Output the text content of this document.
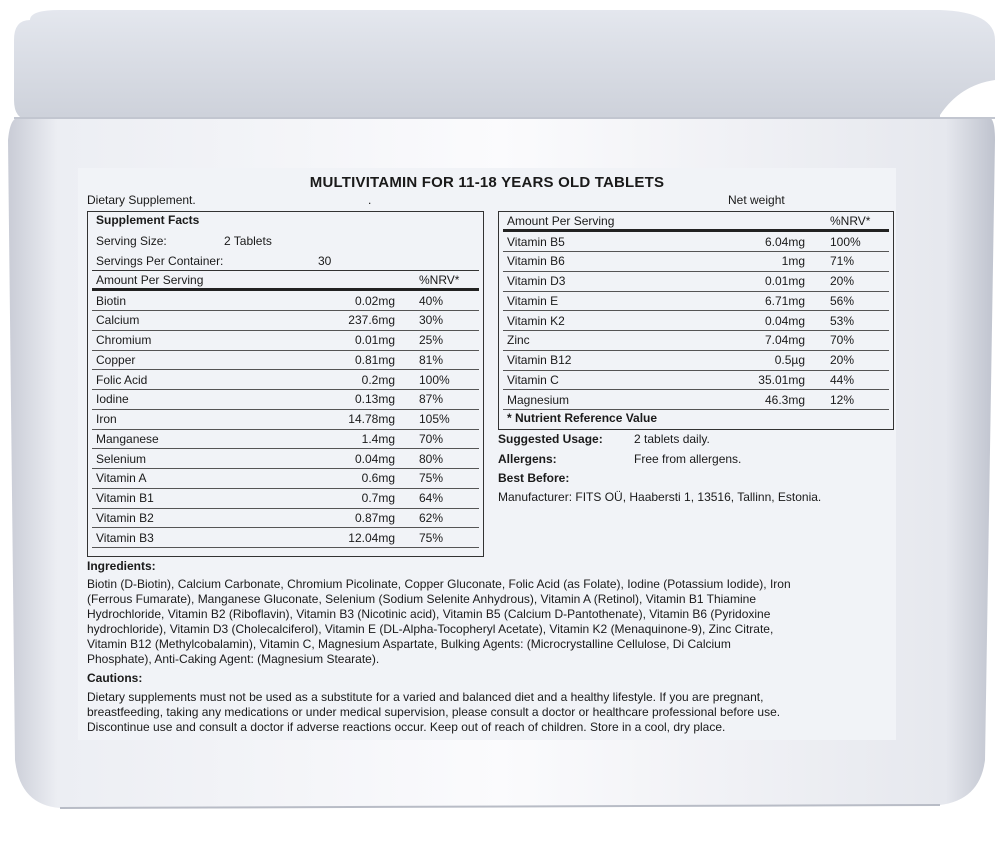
MULTIVITAMIN FOR 11-18 YEARS OLD TABLETS
Dietary Supplement.	.	Net weight
Supplement Facts
Serving Size:	2 Tablets
Servings Per Container:	30
Amount Per Serving	%NRV*
Biotin	0.02mg 40%
Calcium	237.6mg 30%
Chromium	0.01mg 25%
Copper	0.81mg 81%
Folic Acid	0.2mg 100%
Iodine	0.13mg 87%
Iron	14.78mg 105%
Manganese	1.4mg 70%
Selenium	0.04mg 80%
Vitamin A	0.6mg 75%
Vitamin B1	0.7mg 64%
Vitamin B2	0.87mg 62%
Vitamin B3	12.04mg 75%
Amount Per Serving	%NRV*
Vitamin B5	6.04mg 100%
Vitamin B6	1mg 71%
Vitamin D3	0.01mg 20%
Vitamin E	6.71mg 56%
Vitamin K2	0.04mg 53%
Zinc	7.04mg 70%
Vitamin B12	0.5µg 20%
Vitamin C	35.01mg 44%
Magnesium	46.3mg 12%
* Nutrient Reference Value
Suggested Usage:	2 tablets daily.
Allergens:	Free from allergens.
Best Before:
Manufacturer: FITS OÜ, Haabersti 1, 13516, Tallinn, Estonia.
Ingredients:
Biotin (D-Biotin), Calcium Carbonate, Chromium Picolinate, Copper Gluconate, Folic Acid (as Folate), Iodine (Potassium Iodide), Iron
(Ferrous Fumarate), Manganese Gluconate, Selenium (Sodium Selenite Anhydrous), Vitamin A (Retinol), Vitamin B1 Thiamine
Hydrochloride, Vitamin B2 (Riboflavin), Vitamin B3 (Nicotinic acid), Vitamin B5 (Calcium D-Pantothenate), Vitamin B6 (Pyridoxine
hydrochloride), Vitamin D3 (Cholecalciferol), Vitamin E (DL-Alpha-Tocopheryl Acetate), Vitamin K2 (Menaquinone-9), Zinc Citrate,
Vitamin B12 (Methylcobalamin), Vitamin C, Magnesium Aspartate, Bulking Agents: (Microcrystalline Cellulose, Di Calcium
Phosphate), Anti-Caking Agent: (Magnesium Stearate).
Cautions:
Dietary supplements must not be used as a substitute for a varied and balanced diet and a healthy lifestyle. If you are pregnant,
breastfeeding, taking any medications or under medical supervision, please consult a doctor or healthcare professional before use.
Discontinue use and consult a doctor if adverse reactions occur. Keep out of reach of children. Store in a cool, dry place.
